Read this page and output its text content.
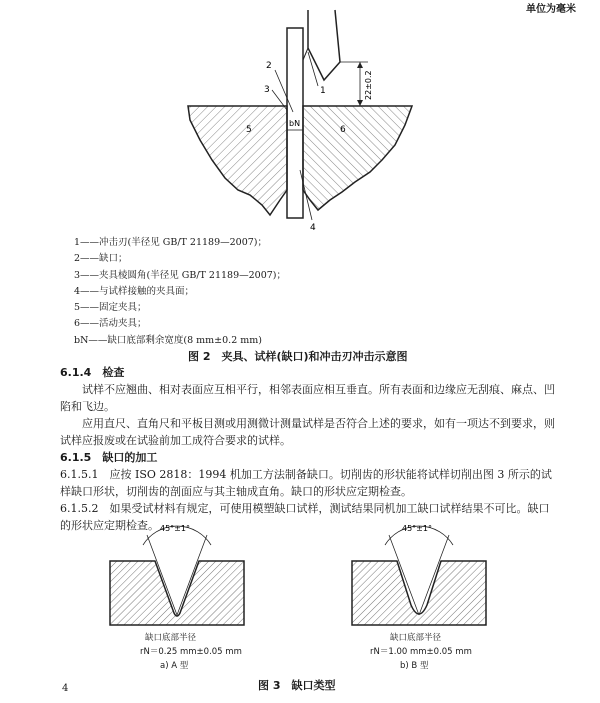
单位为毫米
22±0.2
bN
2
3	1
4
5	6
1——冲击刃(半径见 GB/T 21189—2007)；
2——缺口；
3——夹具棱圆角(半径见 GB/T 21189—2007)；
4——与试样接触的夹具面；
5——固定夹具；
6——活动夹具；
bN——缺口底部剩余宽度(8 mm±0.2 mm)
图 2　夹具、试样(缺口)和冲击刃冲击示意图
6.1.4　检查
试样不应翘曲、相对表面应互相平行，相邻表面应相互垂直。所有表面和边缘应无刮痕、麻点、凹陷和飞边。
应用直尺、直角尺和平板目测或用测微计测量试样是否符合上述的要求，如有一项达不到要求，则试样应报废或在试验前加工成符合要求的试样。
6.1.5　缺口的加工
6.1.5.1　应按 ISO 2818：1994 机加工方法制备缺口。切削齿的形状能将试样切削出图 3 所示的试样缺口形状，切削齿的剖面应与其主轴成直角。缺口的形状应定期检查。
6.1.5.2　如果受试材料有规定，可使用模塑缺口试样，测试结果同机加工缺口试样结果不可比。缺口的形状应定期检查。 45°±1°	45°±1°
缺口底部半径
rN＝0.25 mm±0.05 mm
a) A 型
缺口底部半径
rN＝1.00 mm±0.05 mm
b) B 型
图 3　缺口类型
4
